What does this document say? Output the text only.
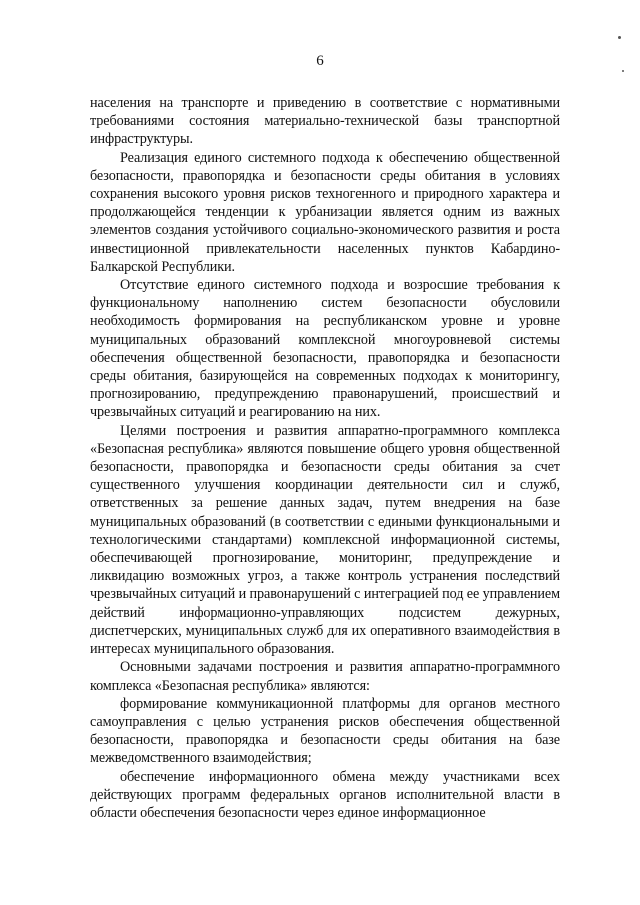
6

населения на транспорте и приведению в соответствие с нормативными требованиями состояния материально-технической базы транспортной инфраструктуры.

Реализация единого системного подхода к обеспечению общественной безопасности, правопорядка и безопасности среды обитания в условиях сохранения высокого уровня рисков техногенного и природного характера и продолжающейся тенденции к урбанизации является одним из важных элементов создания устойчивого социально-экономического развития и роста инвестиционной привлекательности населенных пунктов Кабардино-Балкарской Республики.

Отсутствие единого системного подхода и возросшие требования к функциональному наполнению систем безопасности обусловили необходимость формирования на республиканском уровне и уровне муниципальных образований комплексной многоуровневой системы обеспечения общественной безопасности, правопорядка и безопасности среды обитания, базирующейся на современных подходах к мониторингу, прогнозированию, предупреждению правонарушений, происшествий и чрезвычайных ситуаций и реагированию на них.

Целями построения и развития аппаратно-программного комплекса «Безопасная республика» являются повышение общего уровня общественной безопасности, правопорядка и безопасности среды обитания за счет существенного улучшения координации деятельности сил и служб, ответственных за решение данных задач, путем внедрения на базе муниципальных образований (в соответствии с едиными функциональными и технологическими стандартами) комплексной информационной системы, обеспечивающей прогнозирование, мониторинг, предупреждение и ликвидацию возможных угроз, а также контроль устранения последствий чрезвычайных ситуаций и правонарушений с интеграцией под ее управлением действий информационно-управляющих подсистем дежурных, диспетчерских, муниципальных служб для их оперативного взаимодействия в интересах муниципального образования.

Основными задачами построения и развития аппаратно-программного комплекса «Безопасная республика» являются:

формирование коммуникационной платформы для органов местного самоуправления с целью устранения рисков обеспечения общественной безопасности, правопорядка и безопасности среды обитания на базе межведомственного взаимодействия;

обеспечение информационного обмена между участниками всех действующих программ федеральных органов исполнительной власти в области обеспечения безопасности через единое информационное
